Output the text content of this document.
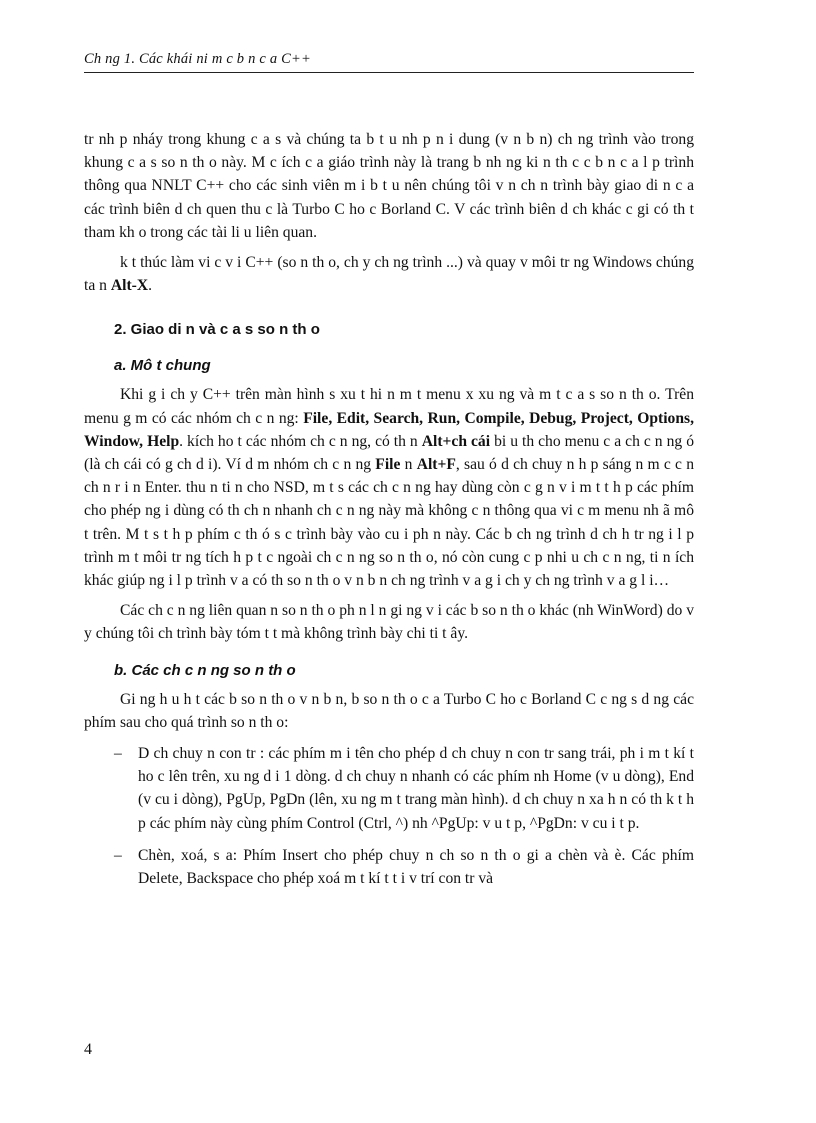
Ch ng 1. Các khái ni m c b n c a C++

tr nh p nháy trong khung c a s và chúng ta b t u nh p n i dung (v n b n) ch ng trình vào trong khung c a s so n th o này. M c ích c a giáo trình này là trang b nh ng ki n th c c b n c a l p trình thông qua NNLT C++ cho các sinh viên m i b t u nên chúng tôi v n ch n trình bày giao di n c a các trình biên d ch quen thu c là Turbo C ho c Borland C. V các trình biên d ch khác c gi có th t tham kh o trong các tài li u liên quan.

k t thúc làm vi c v i C++ (so n th o, ch y ch ng trình ...) và quay v môi tr ng Windows chúng ta n Alt-X.

2. Giao di n và c a s so n th o
a. Mô t chung

Khi g i ch y C++ trên màn hình s xu t hi n m t menu x xu ng và m t c a s so n th o. Trên menu g m có các nhóm ch c n ng: File, Edit, Search, Run, Compile, Debug, Project, Options, Window, Help. kích ho t các nhóm ch c n ng, có th n Alt+ch cái bi u th cho menu c a ch c n ng ó (là ch cái có g ch d i). Ví d m nhóm ch c n ng File n Alt+F, sau ó d ch chuy n h p sáng n m c c n ch n r i n Enter. thu n ti n cho NSD, m t s các ch c n ng hay dùng còn c g n v i m t t h p các phím cho phép ng i dùng có th ch n nhanh ch c n ng này mà không c n thông qua vi c m menu nh ã mô t trên. M t s t h p phím c th ó s c trình bày vào cu i ph n này. Các b ch ng trình d ch h tr ng i l p trình m t môi tr ng tích h p t c ngoài ch c n ng so n th o, nó còn cung c p nhi u ch c n ng, ti n ích khác giúp ng i l p trình v a có th so n th o v n b n ch ng trình v a g i ch y ch ng trình v a g l i…

Các ch c n ng liên quan n so n th o ph n l n gi ng v i các b so n th o khác (nh WinWord) do v y chúng tôi ch trình bày tóm t t mà không trình bày chi ti t ây.

b. Các ch c n ng so n th o

Gi ng h u h t các b so n th o v n b n, b so n th o c a Turbo C ho c Borland C c ng s d ng các phím sau cho quá trình so n th o:

– D ch chuy n con tr : các phím m i tên cho phép d ch chuy n con tr sang trái, ph i m t kí t ho c lên trên, xu ng d i 1 dòng. d ch chuy n nhanh có các phím nh Home (v u dòng), End (v cu i dòng), PgUp, PgDn (lên, xu ng m t trang màn hình). d ch chuy n xa h n có th k t h p các phím này cùng phím Control (Ctrl, ^) nh ^PgUp: v u t p, ^PgDn: v cu i t p.
– Chèn, xoá, s a: Phím Insert cho phép chuy n ch so n th o gi a chèn và è. Các phím Delete, Backspace cho phép xoá m t kí t t i v trí con tr và
4
